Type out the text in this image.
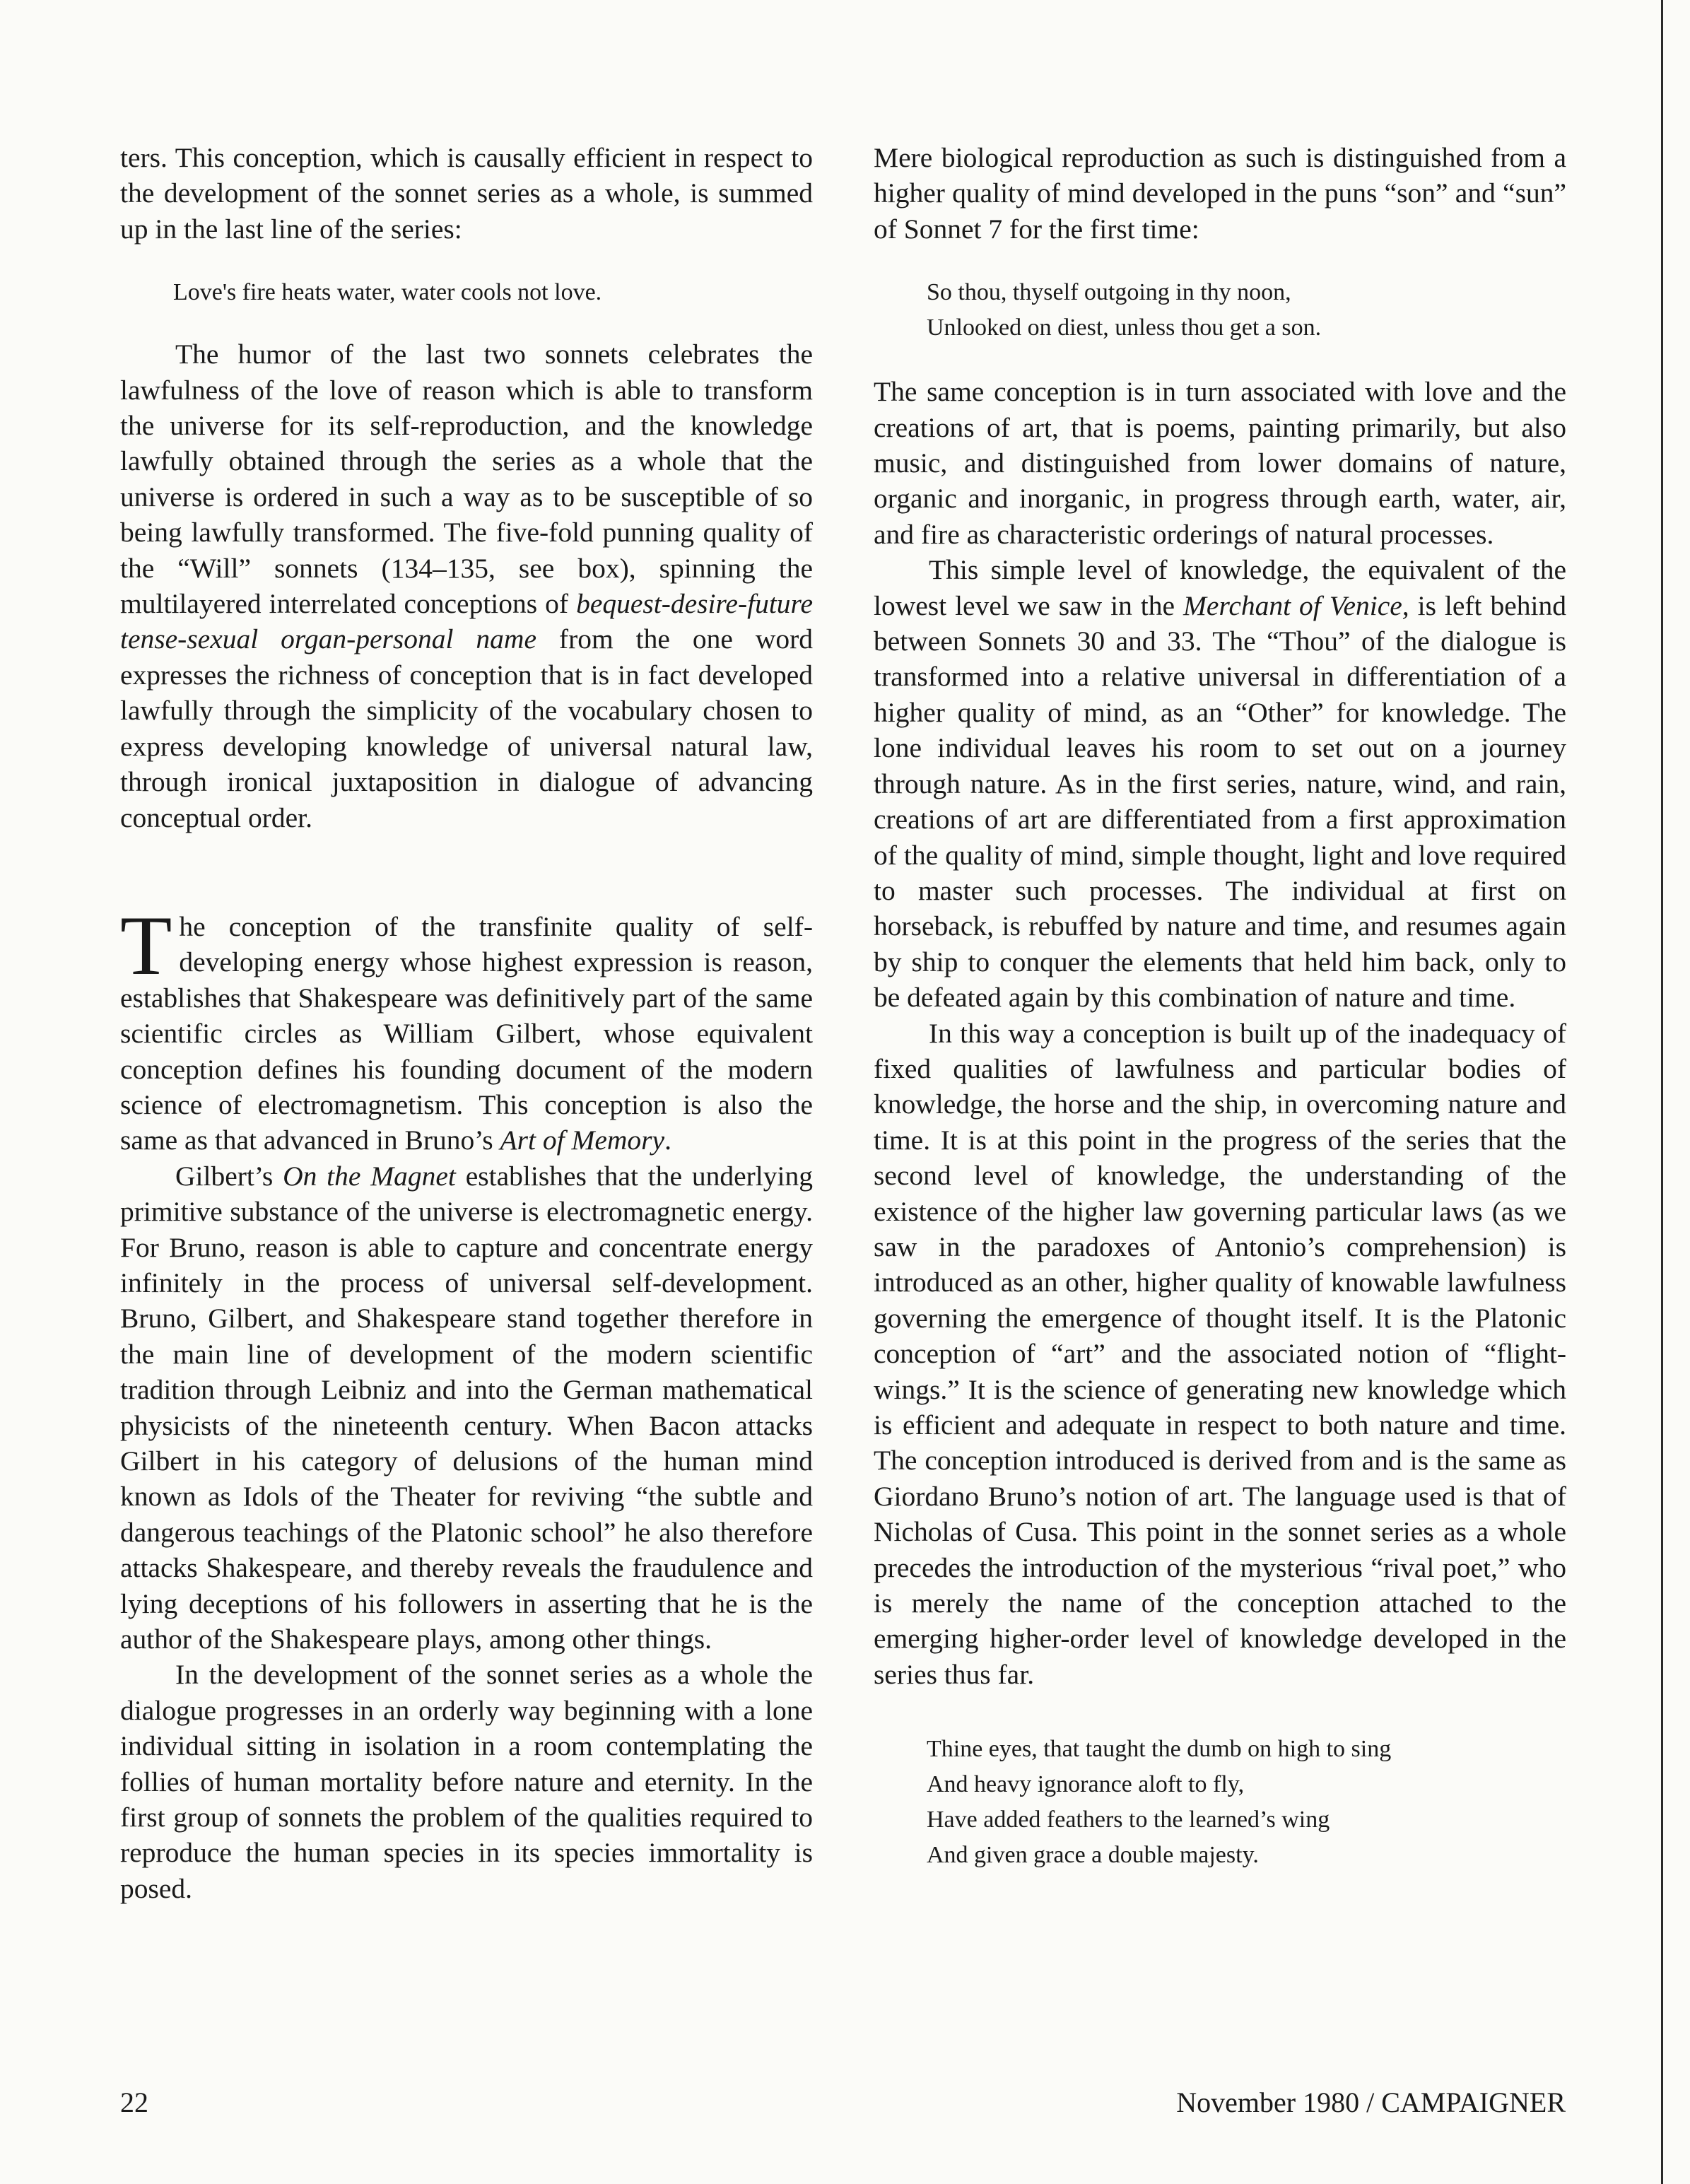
ters. This conception, which is causally efficient in respect to the development of the sonnet series as a whole, is summed up in the last line of the series:

Love's fire heats water, water cools not love.

The humor of the last two sonnets celebrates the lawfulness of the love of reason which is able to transform the universe for its self-reproduction, and the knowledge lawfully obtained through the series as a whole that the universe is ordered in such a way as to be susceptible of so being lawfully transformed. The five-fold punning quality of the “Will” sonnets (134–135, see box), spinning the multilayered interrelated conceptions of bequest-desire-future tense-sexual organ-personal name from the one word expresses the richness of conception that is in fact developed lawfully through the simplicity of the vocabulary chosen to express developing knowledge of universal natural law, through ironical juxtaposition in dialogue of advancing conceptual order.

The conception of the transfinite quality of self-developing energy whose highest expression is reason, establishes that Shakespeare was definitively part of the same scientific circles as William Gilbert, whose equivalent conception defines his founding document of the modern science of electromagnetism. This conception is also the same as that advanced in Bruno’s Art of Memory.

Gilbert’s On the Magnet establishes that the underlying primitive substance of the universe is electromagnetic energy. For Bruno, reason is able to capture and concentrate energy infinitely in the process of universal self-development. Bruno, Gilbert, and Shakespeare stand together therefore in the main line of development of the modern scientific tradition through Leibniz and into the German mathematical physicists of the nineteenth century. When Bacon attacks Gilbert in his category of delusions of the human mind known as Idols of the Theater for reviving “the subtle and dangerous teachings of the Platonic school” he also therefore attacks Shakespeare, and thereby reveals the fraudulence and lying deceptions of his followers in asserting that he is the author of the Shakespeare plays, among other things.

In the development of the sonnet series as a whole the dialogue progresses in an orderly way beginning with a lone individual sitting in isolation in a room contemplating the follies of human mortality before nature and eternity. In the first group of sonnets the problem of the qualities required to reproduce the human species in its species immortality is posed.

Mere biological reproduction as such is distinguished from a higher quality of mind developed in the puns “son” and “sun” of Sonnet 7 for the first time:

So thou, thyself outgoing in thy noon,
Unlooked on diest, unless thou get a son.

The same conception is in turn associated with love and the creations of art, that is poems, painting primarily, but also music, and distinguished from lower domains of nature, organic and inorganic, in progress through earth, water, air, and fire as characteristic orderings of natural processes.

This simple level of knowledge, the equivalent of the lowest level we saw in the Merchant of Venice, is left behind between Sonnets 30 and 33. The “Thou” of the dialogue is transformed into a relative universal in differentiation of a higher quality of mind, as an “Other” for knowledge. The lone individual leaves his room to set out on a journey through nature. As in the first series, nature, wind, and rain, creations of art are differentiated from a first approximation of the quality of mind, simple thought, light and love required to master such processes. The individual at first on horseback, is rebuffed by nature and time, and resumes again by ship to conquer the elements that held him back, only to be defeated again by this combination of nature and time.

In this way a conception is built up of the inadequacy of fixed qualities of lawfulness and particular bodies of knowledge, the horse and the ship, in overcoming nature and time. It is at this point in the progress of the series that the second level of knowledge, the understanding of the existence of the higher law governing particular laws (as we saw in the paradoxes of Antonio’s comprehension) is introduced as an other, higher quality of knowable lawfulness governing the emergence of thought itself. It is the Platonic conception of “art” and the associated notion of “flight-wings.” It is the science of generating new knowledge which is efficient and adequate in respect to both nature and time. The conception introduced is derived from and is the same as Giordano Bruno’s notion of art. The language used is that of Nicholas of Cusa. This point in the sonnet series as a whole precedes the introduction of the mysterious “rival poet,” who is merely the name of the conception attached to the emerging higher-order level of knowledge developed in the series thus far.

Thine eyes, that taught the dumb on high to sing
And heavy ignorance aloft to fly,
Have added feathers to the learned’s wing
And given grace a double majesty.
22	November 1980 / CAMPAIGNER
